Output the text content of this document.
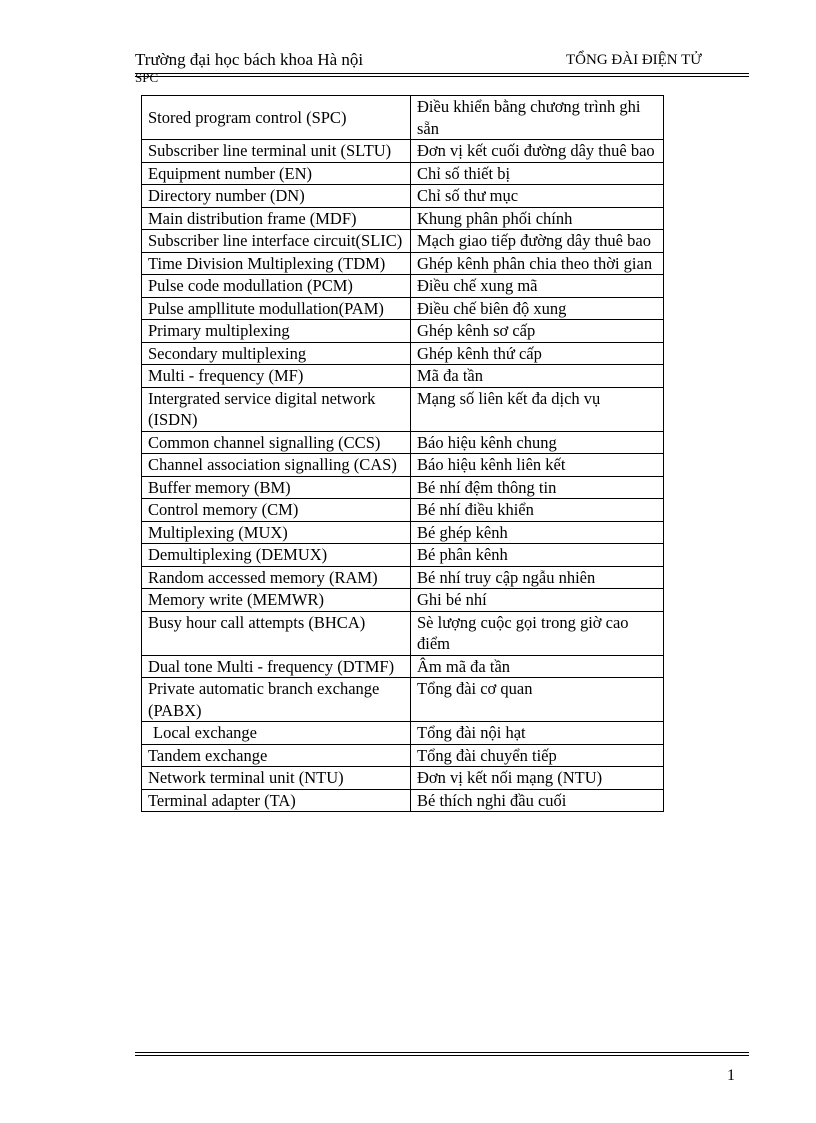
Trường đại học bách khoa Hà nội	TỔNG ĐÀI ĐIỆN TỬ
SPC
Stored program control (SPC)	Điều khiển bằng chương trình ghi sẵn
Subscriber line terminal unit (SLTU)	Đơn vị kết cuối đường dây thuê bao
Equipment number (EN)	Chỉ số thiết bị
Directory number (DN)	Chỉ số thư mục
Main distribution frame (MDF)	Khung phân phối chính
Subscriber line interface circuit(SLIC)	Mạch giao tiếp đường dây thuê bao
Time Division Multiplexing (TDM)	Ghép kênh phân chia theo thời gian
Pulse code modullation (PCM)	Điều chế xung mã
Pulse ampllitute modullation(PAM)	Điều chế biên độ xung
Primary multiplexing	Ghép kênh sơ cấp
Secondary multiplexing	Ghép kênh thứ cấp
Multi - frequency (MF)	Mã đa tần
Intergrated service digital network (ISDN)	Mạng số liên kết đa dịch vụ
Common channel signalling (CCS)	Báo hiệu kênh chung
Channel association signalling (CAS)	Báo hiệu kênh liên kết
Buffer memory (BM)	Bé nhí đệm thông tin
Control memory (CM)	Bé nhí điều khiển
Multiplexing (MUX)	Bé ghép kênh
Demultiplexing (DEMUX)	Bé phân kênh
Random accessed memory (RAM)	Bé nhí truy cập ngẫu nhiên
Memory write (MEMWR)	Ghi bé nhí
Busy hour call attempts (BHCA)	Sè lượng cuộc gọi trong giờ cao điểm
Dual tone Multi - frequency (DTMF)	Âm mã đa tần
Private automatic branch exchange (PABX)	Tổng đài cơ quan
Local exchange	Tổng đài nội hạt
Tandem exchange	Tổng đài chuyển tiếp
Network terminal unit (NTU)	Đơn vị kết nối mạng (NTU)
Terminal adapter (TA)	Bé thích nghi đầu cuối
1
